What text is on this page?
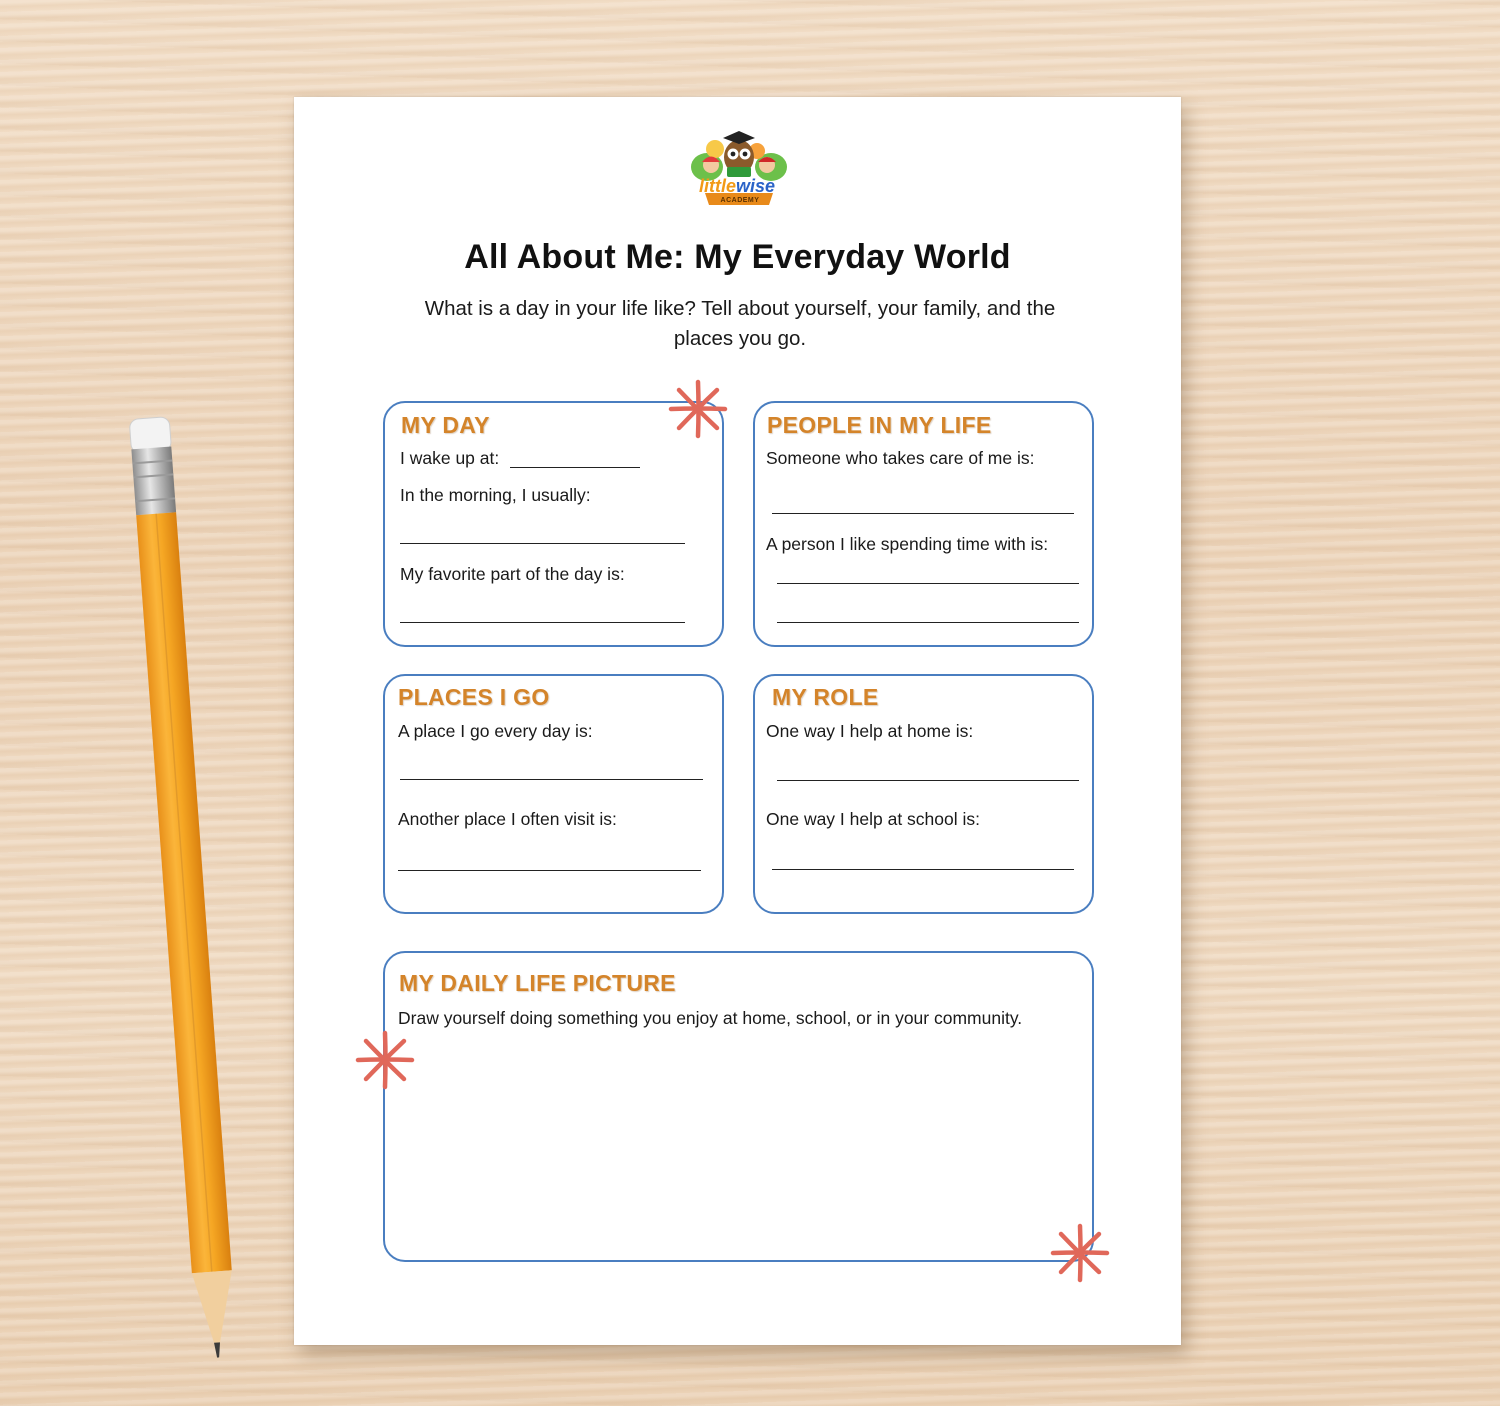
littlewise
ACADEMY
All About Me: My Everyday World
What is a day in your life like? Tell about yourself, your family, and the places you go.
MY DAY
I wake up at:
In the morning, I usually:
My favorite part of the day is:
PEOPLE IN MY LIFE
Someone who takes care of me is:
A person I like spending time with is:
PLACES I GO
A place I go every day is:
Another place I often visit is:
MY ROLE
One way I help at home is:
One way I help at school is:
MY DAILY LIFE PICTURE
Draw yourself doing something you enjoy at home, school, or in your community.
